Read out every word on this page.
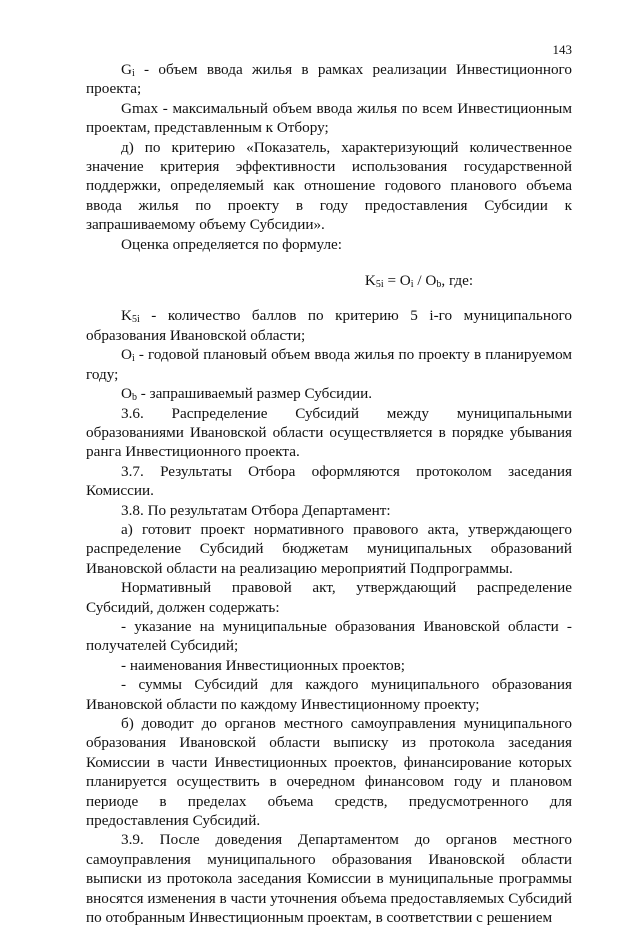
143

$G_i$ - объем ввода жилья в рамках реализации Инвестиционного проекта;

Gmax - максимальный объем ввода жилья по всем Инвестиционным проектам, представленным к Отбору;

д) по критерию «Показатель, характеризующий количественное значение критерия эффективности использования государственной поддержки, определяемый как отношение годового планового объема ввода жилья по проекту в году предоставления Субсидии к запрашиваемому объему Субсидии».

Оценка определяется по формуле:

$K_{5i} = O_i / O_b$, где:

$K_{5i}$ - количество баллов по критерию 5 i-го муниципального образования Ивановской области;

$O_i$ - годовой плановый объем ввода жилья по проекту в планируемом году;

$O_b$ - запрашиваемый размер Субсидии.

3.6. Распределение Субсидий между муниципальными образованиями Ивановской области осуществляется в порядке убывания ранга Инвестиционного проекта.

3.7. Результаты Отбора оформляются протоколом заседания Комиссии.

3.8. По результатам Отбора Департамент:

а) готовит проект нормативного правового акта, утверждающего распределение Субсидий бюджетам муниципальных образований Ивановской области на реализацию мероприятий Подпрограммы.

Нормативный правовой акт, утверждающий распределение Субсидий, должен содержать:

- указание на муниципальные образования Ивановской области - получателей Субсидий;

- наименования Инвестиционных проектов;

- суммы Субсидий для каждого муниципального образования Ивановской области по каждому Инвестиционному проекту;

б) доводит до органов местного самоуправления муниципального образования Ивановской области выписку из протокола заседания Комиссии в части Инвестиционных проектов, финансирование которых планируется осуществить в очередном финансовом году и плановом периоде в пределах объема средств, предусмотренного для предоставления Субсидий.

3.9. После доведения Департаментом до органов местного самоуправления муниципального образования Ивановской области выписки из протокола заседания Комиссии в муниципальные программы вносятся изменения в части уточнения объема предоставляемых Субсидий по отобранным Инвестиционным проектам, в соответствии с решением
